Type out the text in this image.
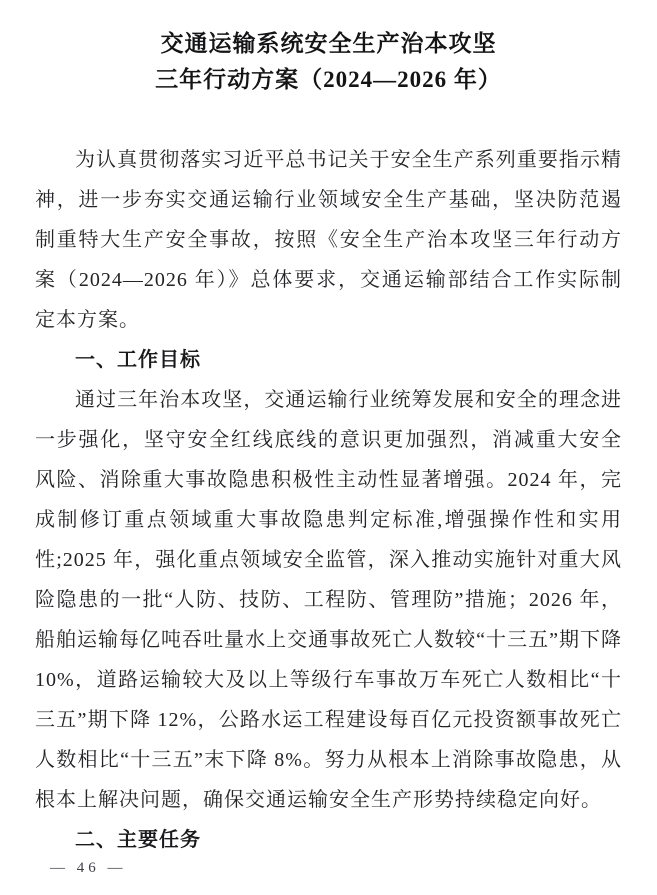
交通运输系统安全生产治本攻坚
三年行动方案（2024—2026 年）

为认真贯彻落实习近平总书记关于安全生产系列重要指示精神，进一步夯实交通运输行业领域安全生产基础，坚决防范遏制重特大生产安全事故，按照《安全生产治本攻坚三年行动方案（2024—2026 年）》总体要求，交通运输部结合工作实际制定本方案。

一、工作目标

通过三年治本攻坚，交通运输行业统筹发展和安全的理念进一步强化，坚守安全红线底线的意识更加强烈，消减重大安全风险、消除重大事故隐患积极性主动性显著增强。2024 年，完成制修订重点领域重大事故隐患判定标准,增强操作性和实用性;2025 年，强化重点领域安全监管，深入推动实施针对重大风险隐患的一批“人防、技防、工程防、管理防”措施；2026 年，船舶运输每亿吨吞吐量水上交通事故死亡人数较“十三五”期下降 10%，道路运输较大及以上等级行车事故万车死亡人数相比“十三五”期下降 12%，公路水运工程建设每百亿元投资额事故死亡人数相比“十三五”末下降 8%。努力从根本上消除事故隐患，从根本上解决问题，确保交通运输安全生产形势持续稳定向好。

二、主要任务
— 46 —
